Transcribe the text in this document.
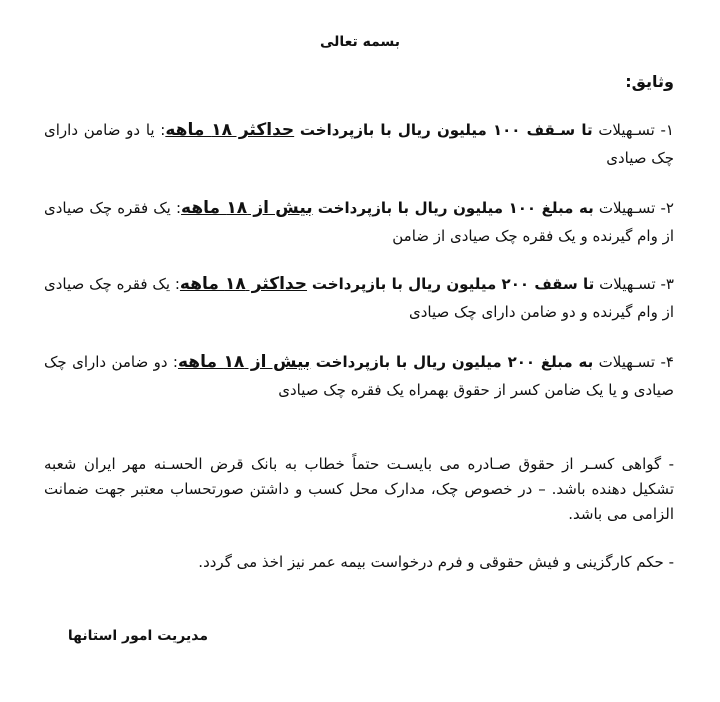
بسمه تعالی
وثایق:
۱- تسـهیلات تا سـقف ۱۰۰ میلیون ریال با بازپرداخت حداکثر ۱۸ ماهه: یا دو ضامن دارای چک صیادی
۲- تسـهیلات به مبلغ ۱۰۰ میلیون ریال با بازپرداخت بیش از ۱۸ ماهه: یک فقره چک صیادی از وام گیرنده و یک فقره چک صیادی از ضامن
۳- تسـهیلات تا سقف ۲۰۰ میلیون ریال با بازپرداخت حداکثر ۱۸ ماهه: یک فقره چک صیادی از وام گیرنده و دو ضامن دارای چک صیادی
۴- تسـهیلات به مبلغ ۲۰۰ میلیون ریال با بازپرداخت بیش از ۱۸ ماهه: دو ضامن دارای چک صیادی و یا یک ضامن کسر از حقوق بهمراه یک فقره چک صیادی
- گواهی کسـر از حقوق صـادره می بایسـت حتماً خطاب به بانک قرض الحسـنه مهر ایران شعبه تشکیل دهنده باشد. – در خصوص چک، مدارک محل کسب و داشتن صورتحساب معتبر جهت ضمانت الزامی می باشد.
- حکم کارگزینی و فیش حقوقی و فرم درخواست بیمه عمر نیز اخذ می گردد.
مدیریت امور استانها
